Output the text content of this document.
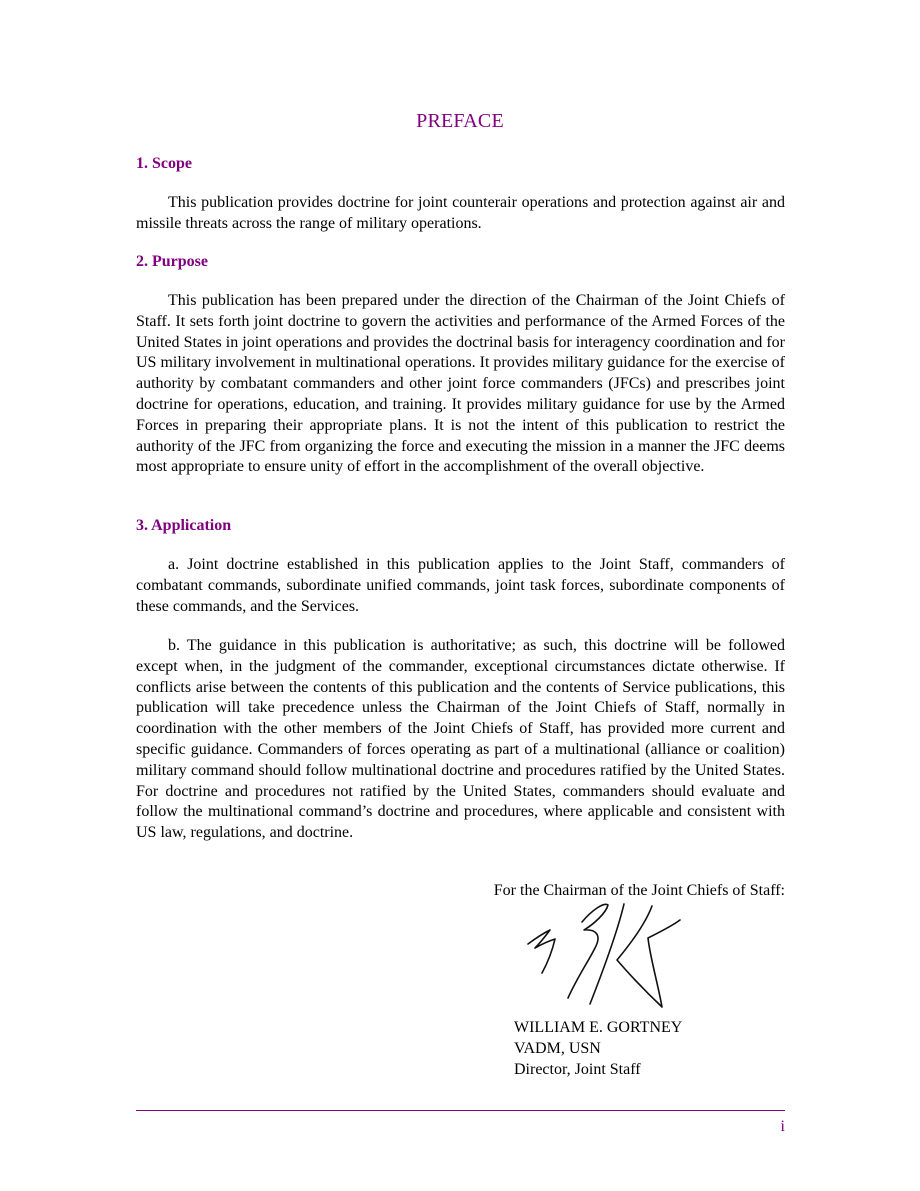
PREFACE
1. Scope

This publication provides doctrine for joint counterair operations and protection against air and missile threats across the range of military operations.

2. Purpose

This publication has been prepared under the direction of the Chairman of the Joint Chiefs of Staff. It sets forth joint doctrine to govern the activities and performance of the Armed Forces of the United States in joint operations and provides the doctrinal basis for interagency coordination and for US military involvement in multinational operations. It provides military guidance for the exercise of authority by combatant commanders and other joint force commanders (JFCs) and prescribes joint doctrine for operations, education, and training. It provides military guidance for use by the Armed Forces in preparing their appropriate plans. It is not the intent of this publication to restrict the authority of the JFC from organizing the force and executing the mission in a manner the JFC deems most appropriate to ensure unity of effort in the accomplishment of the overall objective.

3. Application

a. Joint doctrine established in this publication applies to the Joint Staff, commanders of combatant commands, subordinate unified commands, joint task forces, subordinate components of these commands, and the Services.

b. The guidance in this publication is authoritative; as such, this doctrine will be followed except when, in the judgment of the commander, exceptional circumstances dictate otherwise. If conflicts arise between the contents of this publication and the contents of Service publications, this publication will take precedence unless the Chairman of the Joint Chiefs of Staff, normally in coordination with the other members of the Joint Chiefs of Staff, has provided more current and specific guidance. Commanders of forces operating as part of a multinational (alliance or coalition) military command should follow multinational doctrine and procedures ratified by the United States. For doctrine and procedures not ratified by the United States, commanders should evaluate and follow the multinational command’s doctrine and procedures, where applicable and consistent with US law, regulations, and doctrine.

For the Chairman of the Joint Chiefs of Staff:
WILLIAM E. GORTNEY
VADM, USN
Director, Joint Staff
i
